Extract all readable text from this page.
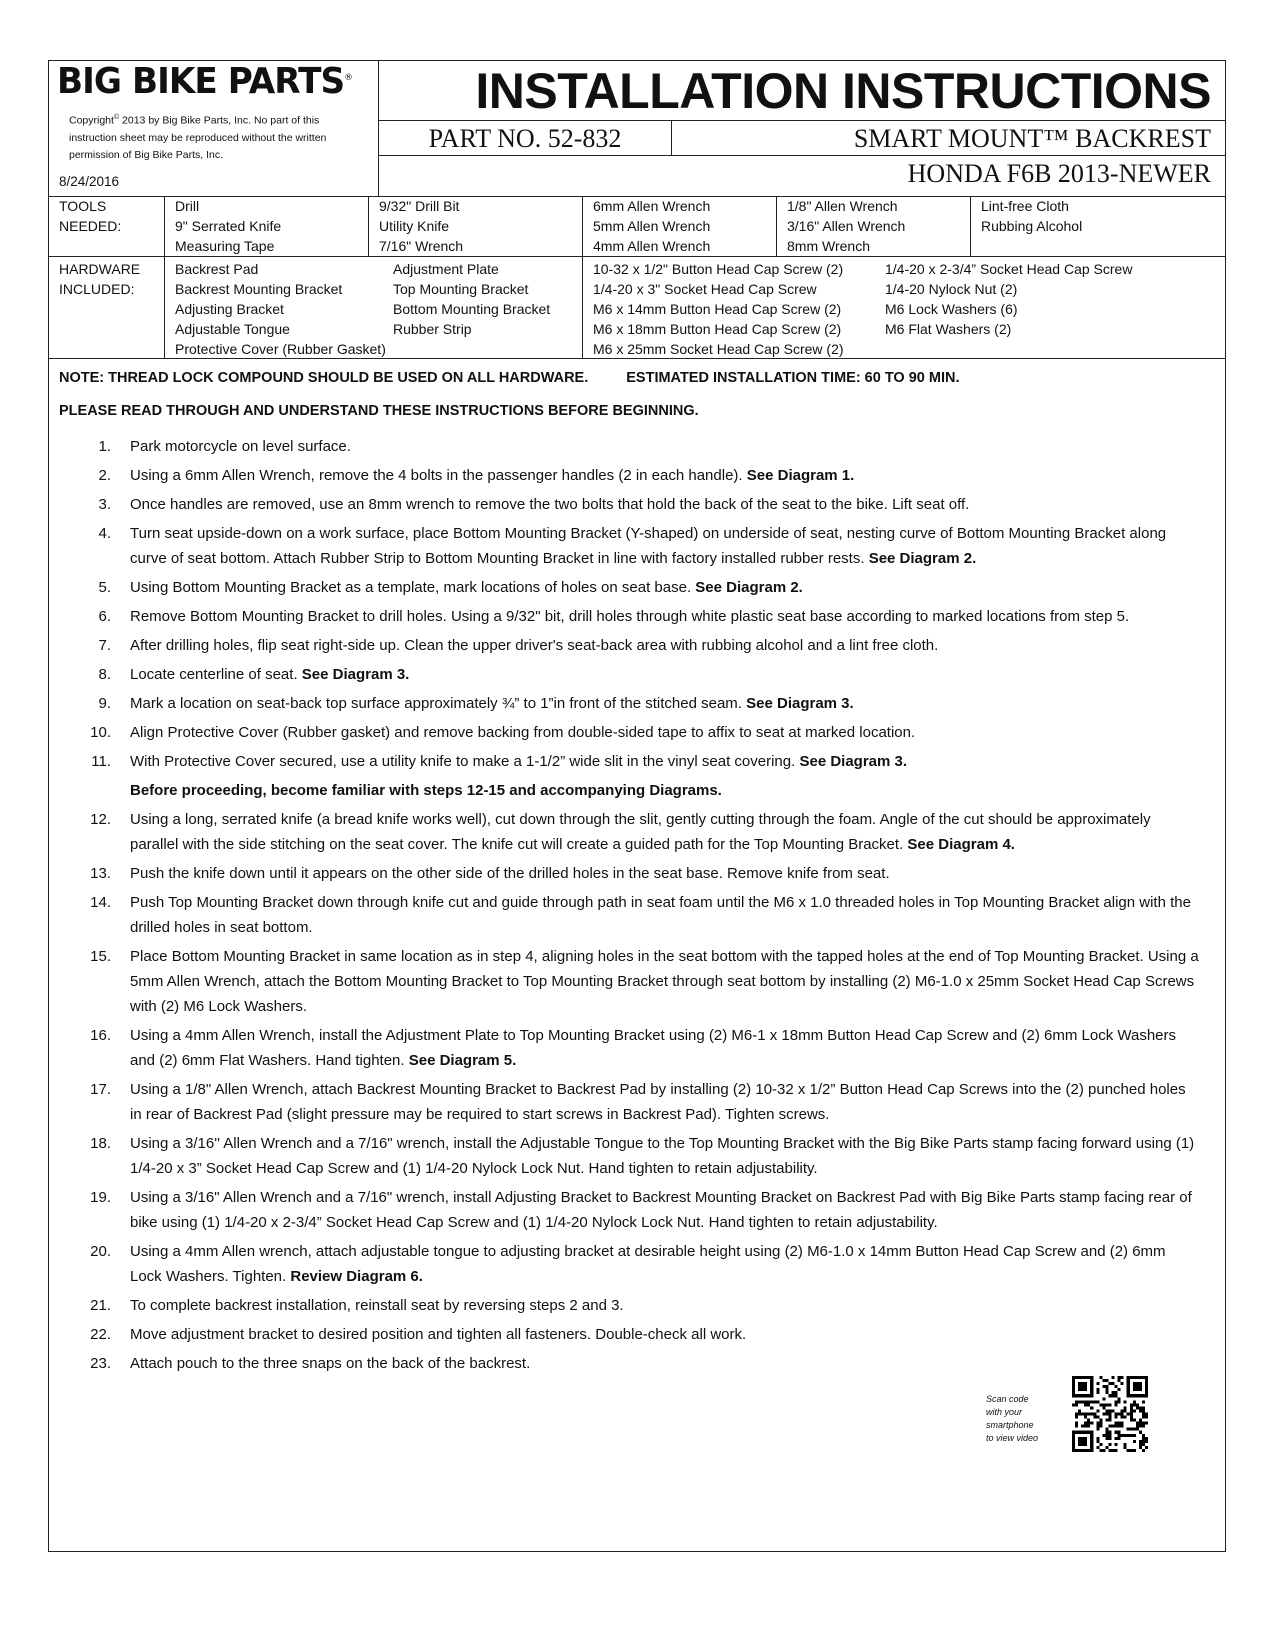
BIG BIKE PARTS®
Copyright© 2013 by Big Bike Parts, Inc. No part of this
instruction sheet may be reproduced without the written
permission of Big Bike Parts, Inc.
8/24/2016
INSTALLATION INSTRUCTIONS
PART NO. 52-832	SMART MOUNT™ BACKREST
HONDA F6B 2013-NEWER
TOOLS
NEEDED:
Drill
9" Serrated Knife
Measuring Tape
9/32" Drill Bit
Utility Knife
7/16" Wrench
6mm Allen Wrench
5mm Allen Wrench
4mm Allen Wrench
1/8" Allen Wrench
3/16" Allen Wrench
8mm Wrench
Lint-free Cloth
Rubbing Alcohol
HARDWARE
INCLUDED:
Backrest Pad
Backrest Mounting Bracket
Adjusting Bracket
Adjustable Tongue
Protective Cover (Rubber Gasket)
Adjustment Plate
Top Mounting Bracket
Bottom Mounting Bracket
Rubber Strip
10-32 x 1/2" Button Head Cap Screw (2)
1/4-20 x 3" Socket Head Cap Screw
M6 x 14mm Button Head Cap Screw (2)
M6 x 18mm Button Head Cap Screw (2)
M6 x 25mm Socket Head Cap Screw (2)
1/4-20 x 2-3/4” Socket Head Cap Screw
1/4-20 Nylock Nut (2)
M6 Lock Washers (6)
M6 Flat Washers (2)
NOTE: THREAD LOCK COMPOUND SHOULD BE USED ON ALL HARDWARE.	ESTIMATED INSTALLATION TIME: 60 TO 90 MIN.
PLEASE READ THROUGH AND UNDERSTAND THESE INSTRUCTIONS BEFORE BEGINNING.
1. Park motorcycle on level surface.
2. Using a 6mm Allen Wrench, remove the 4 bolts in the passenger handles (2 in each handle). See Diagram 1.
3. Once handles are removed, use an 8mm wrench to remove the two bolts that hold the back of the seat to the bike. Lift seat off.
4. Turn seat upside-down on a work surface, place Bottom Mounting Bracket (Y-shaped) on underside of seat, nesting curve of Bottom Mounting Bracket along curve of seat bottom. Attach Rubber Strip to Bottom Mounting Bracket in line with factory installed rubber rests. See Diagram 2.
5. Using Bottom Mounting Bracket as a template, mark locations of holes on seat base. See Diagram 2.
6. Remove Bottom Mounting Bracket to drill holes. Using a 9/32" bit, drill holes through white plastic seat base according to marked locations from step 5.
7. After drilling holes, flip seat right-side up. Clean the upper driver's seat-back area with rubbing alcohol and a lint free cloth.
8. Locate centerline of seat. See Diagram 3.
9. Mark a location on seat-back top surface approximately ¾” to 1”in front of the stitched seam. See Diagram 3.
10. Align Protective Cover (Rubber gasket) and remove backing from double-sided tape to affix to seat at marked location.
11. With Protective Cover secured, use a utility knife to make a 1-1/2” wide slit in the vinyl seat covering. See Diagram 3.
Before proceeding, become familiar with steps 12-15 and accompanying Diagrams.
12. Using a long, serrated knife (a bread knife works well), cut down through the slit, gently cutting through the foam. Angle of the cut should be approximately parallel with the side stitching on the seat cover. The knife cut will create a guided path for the Top Mounting Bracket. See Diagram 4.
13. Push the knife down until it appears on the other side of the drilled holes in the seat base. Remove knife from seat.
14. Push Top Mounting Bracket down through knife cut and guide through path in seat foam until the M6 x 1.0 threaded holes in Top Mounting Bracket align with the drilled holes in seat bottom.
15. Place Bottom Mounting Bracket in same location as in step 4, aligning holes in the seat bottom with the tapped holes at the end of Top Mounting Bracket. Using a 5mm Allen Wrench, attach the Bottom Mounting Bracket to Top Mounting Bracket through seat bottom by installing (2) M6-1.0 x 25mm Socket Head Cap Screws with (2) M6 Lock Washers.
16. Using a 4mm Allen Wrench, install the Adjustment Plate to Top Mounting Bracket using (2) M6-1 x 18mm Button Head Cap Screw and (2) 6mm Lock Washers and (2) 6mm Flat Washers. Hand tighten. See Diagram 5.
17. Using a 1/8" Allen Wrench, attach Backrest Mounting Bracket to Backrest Pad by installing (2) 10-32 x 1/2” Button Head Cap Screws into the (2) punched holes in rear of Backrest Pad (slight pressure may be required to start screws in Backrest Pad). Tighten screws.
18. Using a 3/16'' Allen Wrench and a 7/16" wrench, install the Adjustable Tongue to the Top Mounting Bracket with the Big Bike Parts stamp facing forward using (1) 1/4-20 x 3” Socket Head Cap Screw and (1) 1/4-20 Nylock Lock Nut. Hand tighten to retain adjustability.
19. Using a 3/16" Allen Wrench and a 7/16" wrench, install Adjusting Bracket to Backrest Mounting Bracket on Backrest Pad with Big Bike Parts stamp facing rear of bike using (1) 1/4-20 x 2-3/4” Socket Head Cap Screw and (1) 1/4-20 Nylock Lock Nut. Hand tighten to retain adjustability.
20. Using a 4mm Allen wrench, attach adjustable tongue to adjusting bracket at desirable height using (2) M6-1.0 x 14mm Button Head Cap Screw and (2) 6mm Lock Washers. Tighten. Review Diagram 6.
21. To complete backrest installation, reinstall seat by reversing steps 2 and 3.
22. Move adjustment bracket to desired position and tighten all fasteners. Double-check all work.
23. Attach pouch to the three snaps on the back of the backrest.
Scan code
with your
smartphone
to view video
